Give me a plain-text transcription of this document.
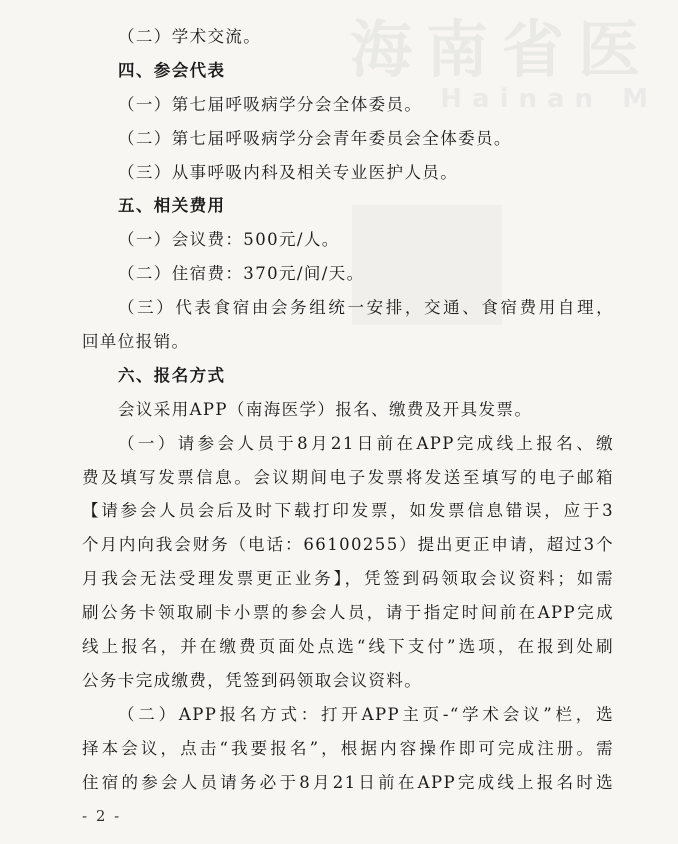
海南省医
Hainan M
（二）学术交流。
四、参会代表
（一）第七届呼吸病学分会全体委员。
（二）第七届呼吸病学分会青年委员会全体委员。
（三）从事呼吸内科及相关专业医护人员。
五、相关费用
（一）会议费：500元/人。
（二）住宿费：370元/间/天。
（三）代表食宿由会务组统一安排，交通、食宿费用自理，
回单位报销。
六、报名方式
会议采用APP（南海医学）报名、缴费及开具发票。
（一）请参会人员于8月21日前在APP完成线上报名、缴
费及填写发票信息。会议期间电子发票将发送至填写的电子邮箱
【请参会人员会后及时下载打印发票，如发票信息错误，应于3
个月内向我会财务（电话：66100255）提出更正申请，超过3个
月我会无法受理发票更正业务】，凭签到码领取会议资料；如需
刷公务卡领取刷卡小票的参会人员，请于指定时间前在APP完成
线上报名，并在缴费页面处点选“线下支付”选项，在报到处刷
公务卡完成缴费，凭签到码领取会议资料。
（二）APP报名方式：打开APP主页-“学术会议”栏，选
择本会议，点击“我要报名”，根据内容操作即可完成注册。需
住宿的参会人员请务必于8月21日前在APP完成线上报名时选
- 2 -
